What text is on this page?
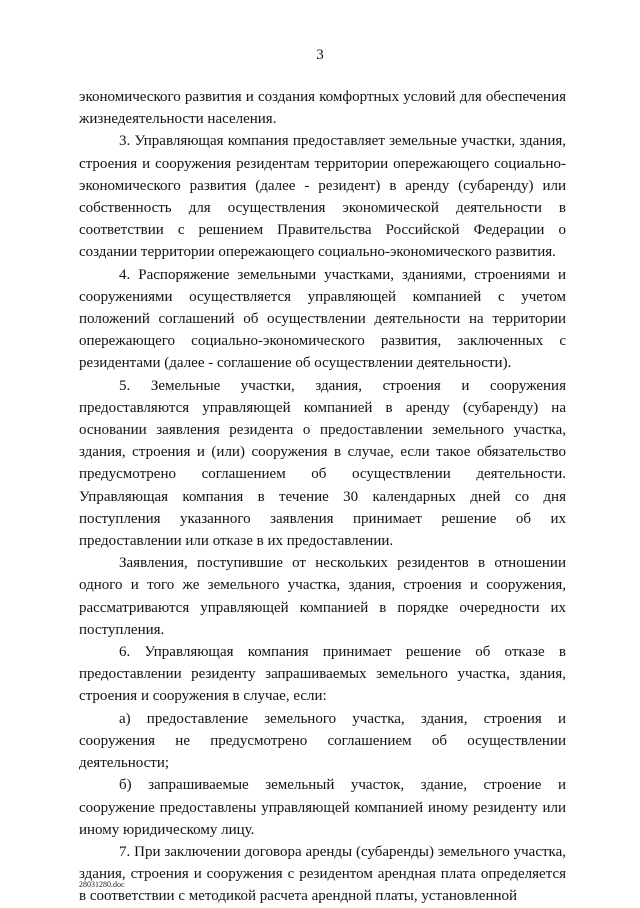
3

экономического развития и создания комфортных условий для обеспечения жизнедеятельности населения.

3. Управляющая компания предоставляет земельные участки, здания, строения и сооружения резидентам территории опережающего социально-экономического развития (далее - резидент) в аренду (субаренду) или собственность для осуществления экономической деятельности в соответствии с решением Правительства Российской Федерации о создании территории опережающего социально-экономического развития.

4. Распоряжение земельными участками, зданиями, строениями и сооружениями осуществляется управляющей компанией с учетом положений соглашений об осуществлении деятельности на территории опережающего социально-экономического развития, заключенных с резидентами (далее - соглашение об осуществлении деятельности).

5. Земельные участки, здания, строения и сооружения предоставляются управляющей компанией в аренду (субаренду) на основании заявления резидента о предоставлении земельного участка, здания, строения и (или) сооружения в случае, если такое обязательство предусмотрено соглашением об осуществлении деятельности. Управляющая компания в течение 30 календарных дней со дня поступления указанного заявления принимает решение об их предоставлении или отказе в их предоставлении.

Заявления, поступившие от нескольких резидентов в отношении одного и того же земельного участка, здания, строения и сооружения, рассматриваются управляющей компанией в порядке очередности их поступления.

6. Управляющая компания принимает решение об отказе в предоставлении резиденту запрашиваемых земельного участка, здания, строения и сооружения в случае, если:

а) предоставление земельного участка, здания, строения и сооружения не предусмотрено соглашением об осуществлении деятельности;

б) запрашиваемые земельный участок, здание, строение и сооружение предоставлены управляющей компанией иному резиденту или иному юридическому лицу.

7. При заключении договора аренды (субаренды) земельного участка, здания, строения и сооружения с резидентом арендная плата определяется в соответствии с методикой расчета арендной платы, установленной

28031280.doc
